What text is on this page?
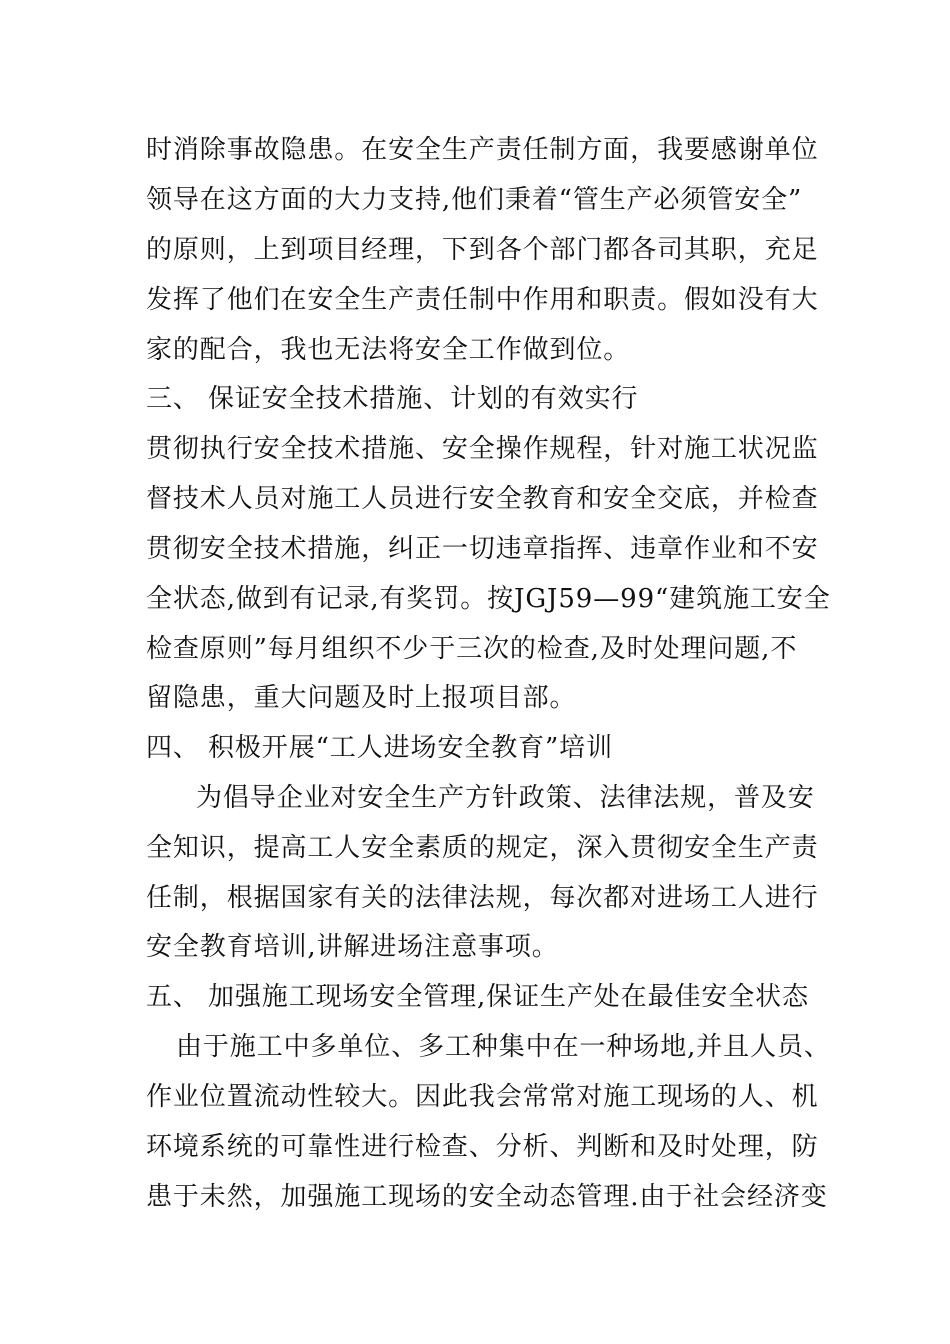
时消除事故隐患。在安全生产责任制方面，我要感谢单位
领导在这方面的大力支持,他们秉着“管生产必须管安全”
的原则，上到项目经理，下到各个部门都各司其职，充足
发挥了他们在安全生产责任制中作用和职责。假如没有大
家的配合，我也无法将安全工作做到位。
三、 保证安全技术措施、计划的有效实行
贯彻执行安全技术措施、安全操作规程，针对施工状况监
督技术人员对施工人员进行安全教育和安全交底，并检查
贯彻安全技术措施，纠正一切违章指挥、违章作业和不安
全状态,做到有记录,有奖罚。按JGJ59—99“建筑施工安全
检查原则”每月组织不少于三次的检查,及时处理问题,不
留隐患，重大问题及时上报项目部。
四、 积极开展“工人进场安全教育”培训
为倡导企业对安全生产方针政策、法律法规，普及安
全知识，提高工人安全素质的规定，深入贯彻安全生产责
任制，根据国家有关的法律法规，每次都对进场工人进行
安全教育培训,讲解进场注意事项。
五、 加强施工现场安全管理,保证生产处在最佳安全状态
由于施工中多单位、多工种集中在一种场地,并且人员、
作业位置流动性较大。因此我会常常对施工现场的人、机
环境系统的可靠性进行检查、分析、判断和及时处理，防
患于未然，加强施工现场的安全动态管理.由于社会经济变
